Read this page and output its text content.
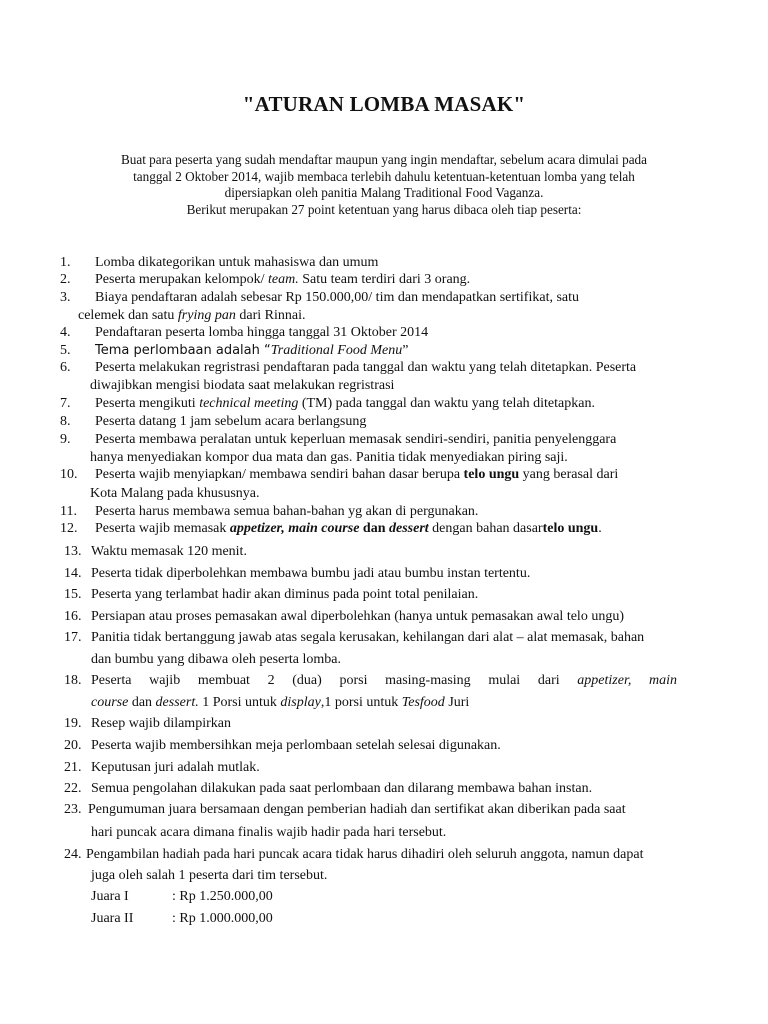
"ATURAN LOMBA MASAK"
Buat para peserta yang sudah mendaftar maupun yang ingin mendaftar, sebelum acara dimulai pada
tanggal 2 Oktober 2014, wajib membaca terlebih dahulu ketentuan-ketentuan lomba yang telah
dipersiapkan oleh panitia Malang Traditional Food Vaganza.
Berikut merupakan 27 point ketentuan yang harus dibaca oleh tiap peserta:
1. Lomba dikategorikan untuk mahasiswa dan umum
2. Peserta merupakan kelompok/ team. Satu team terdiri dari 3 orang.
3. Biaya pendaftaran adalah sebesar Rp 150.000,00/ tim dan mendapatkan sertifikat, satu
celemek dan satu frying pan dari Rinnai.
4. Pendaftaran peserta lomba hingga tanggal 31 Oktober 2014
5. Tema perlombaan adalah “Traditional Food Menu”
6. Peserta melakukan regristrasi pendaftaran pada tanggal dan waktu yang telah ditetapkan. Peserta
diwajibkan mengisi biodata saat melakukan regristrasi
7. Peserta mengikuti technical meeting (TM) pada tanggal dan waktu yang telah ditetapkan.
8. Peserta datang 1 jam sebelum acara berlangsung
9. Peserta membawa peralatan untuk keperluan memasak sendiri-sendiri, panitia penyelenggara
hanya menyediakan kompor dua mata dan gas. Panitia tidak menyediakan piring saji.
10. Peserta wajib menyiapkan/ membawa sendiri bahan dasar berupa telo ungu yang berasal dari
Kota Malang pada khususnya.
11. Peserta harus membawa semua bahan-bahan yg akan di pergunakan.
12. Peserta wajib memasak appetizer, main course dan dessert dengan bahan dasartelo ungu.
13. Waktu memasak 120 menit.
14. Peserta tidak diperbolehkan membawa bumbu jadi atau bumbu instan tertentu.
15. Peserta yang terlambat hadir akan diminus pada point total penilaian.
16. Persiapan atau proses pemasakan awal diperbolehkan (hanya untuk pemasakan awal telo ungu)
17. Panitia tidak bertanggung jawab atas segala kerusakan, kehilangan dari alat – alat memasak, bahan
dan bumbu yang dibawa oleh peserta lomba.
18. Peserta wajib membuat 2 (dua) porsi masing-masing mulai dari appetizer, main
course dan dessert. 1 Porsi untuk display,1 porsi untuk Tesfood Juri
19. Resep wajib dilampirkan
20. Peserta wajib membersihkan meja perlombaan setelah selesai digunakan.
21. Keputusan juri adalah mutlak.
22. Semua pengolahan dilakukan pada saat perlombaan dan dilarang membawa bahan instan.
23. Pengumuman juara bersamaan dengan pemberian hadiah dan sertifikat akan diberikan pada saat
hari puncak acara dimana finalis wajib hadir pada hari tersebut.
24. Pengambilan hadiah pada hari puncak acara tidak harus dihadiri oleh seluruh anggota, namun dapat
juga oleh salah 1 peserta dari tim tersebut.
Juara I	: Rp 1.250.000,00
Juara II	: Rp 1.000.000,00
